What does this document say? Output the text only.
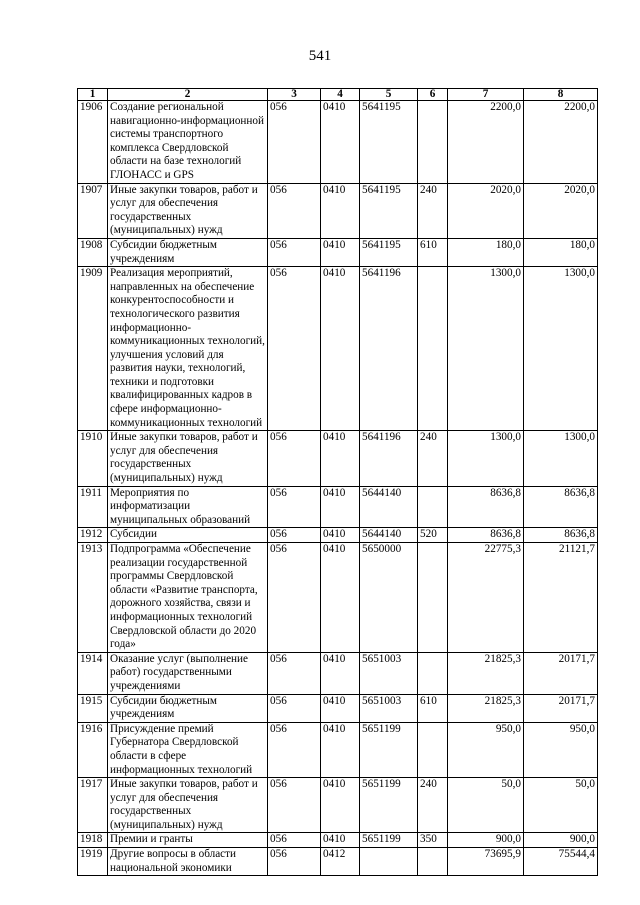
541
1	2	3	4	5	6	7	8
1906	Создание региональной навигационно-информационной системы транспортного комплекса Свердловской области на базе технологий ГЛОНАСС и GPS	056	0410	5641195		2200,0	2200,0
1907	Иные закупки товаров, работ и услуг для обеспечения государственных (муниципальных) нужд	056	0410	5641195	240	2020,0	2020,0
1908	Субсидии бюджетным учреждениям	056	0410	5641195	610	180,0	180,0
1909	Реализация мероприятий, направленных на обеспечение конкурентоспособности и технологического развития информационно-коммуникационных технологий, улучшения условий для развития науки, технологий, техники и подготовки квалифицированных кадров в сфере информационно-коммуникационных технологий	056	0410	5641196		1300,0	1300,0
1910	Иные закупки товаров, работ и услуг для обеспечения государственных (муниципальных) нужд	056	0410	5641196	240	1300,0	1300,0
1911	Мероприятия по информатизации муниципальных образований	056	0410	5644140		8636,8	8636,8
1912	Субсидии	056	0410	5644140	520	8636,8	8636,8
1913	Подпрограмма «Обеспечение реализации государственной программы Свердловской области «Развитие транспорта, дорожного хозяйства, связи и информационных технологий Свердловской области до 2020 года»	056	0410	5650000		22775,3	21121,7
1914	Оказание услуг (выполнение работ) государственными учреждениями	056	0410	5651003		21825,3	20171,7
1915	Субсидии бюджетным учреждениям	056	0410	5651003	610	21825,3	20171,7
1916	Присуждение премий Губернатора Свердловской области в сфере информационных технологий	056	0410	5651199		950,0	950,0
1917	Иные закупки товаров, работ и услуг для обеспечения государственных (муниципальных) нужд	056	0410	5651199	240	50,0	50,0
1918	Премии и гранты	056	0410	5651199	350	900,0	900,0
1919	Другие вопросы в области национальной экономики	056	0412			73695,9	75544,4
